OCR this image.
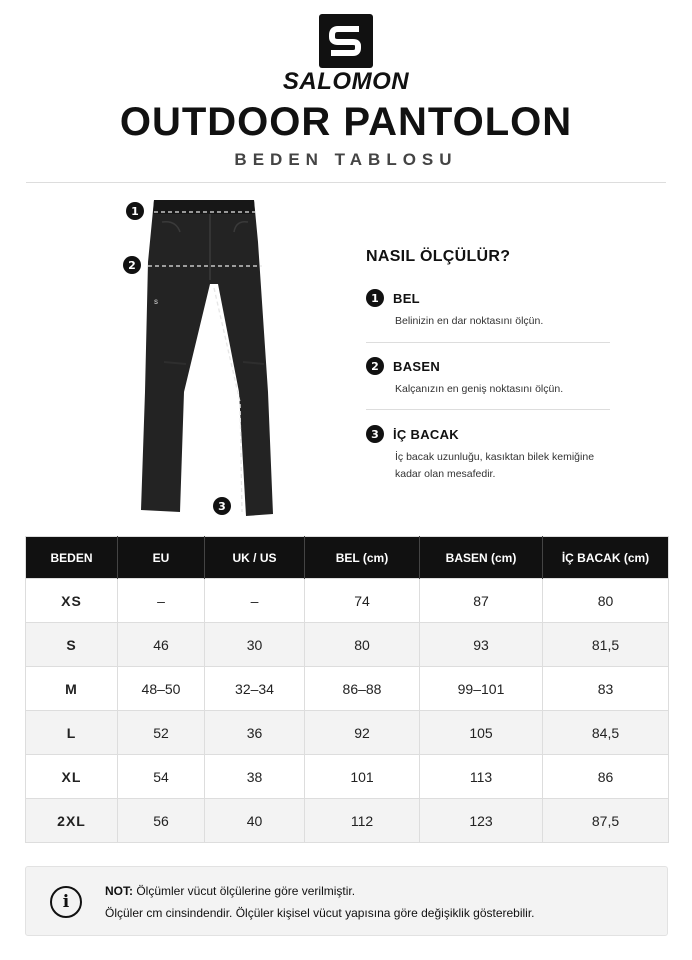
SALOMON
OUTDOOR PANTOLON
BEDEN TABLOSU
S
1
2
3
NASIL ÖLÇÜLÜR?
1	BEL
Belinizin en dar noktasını ölçün.
2	BASEN
Kalçanızın en geniş noktasını ölçün.
3	İÇ BACAK
İç bacak uzunluğu, kasıktan bilek kemiğine kadar olan mesafedir.
BEDEN	EU	UK / US	BEL (cm)	BASEN (cm)	İÇ BACAK (cm)
XS	–	–	74	87	80
S	46	30	80	93	81,5
M	48–50	32–34	86–88	99–101	83
L	52	36	92	105	84,5
XL	54	38	101	113	86
2XL	56	40	112	123	87,5
i
NOT: Ölçümler vücut ölçülerine göre verilmiştir.
Ölçüler cm cinsindendir. Ölçüler kişisel vücut yapısına göre değişiklik gösterebilir.
